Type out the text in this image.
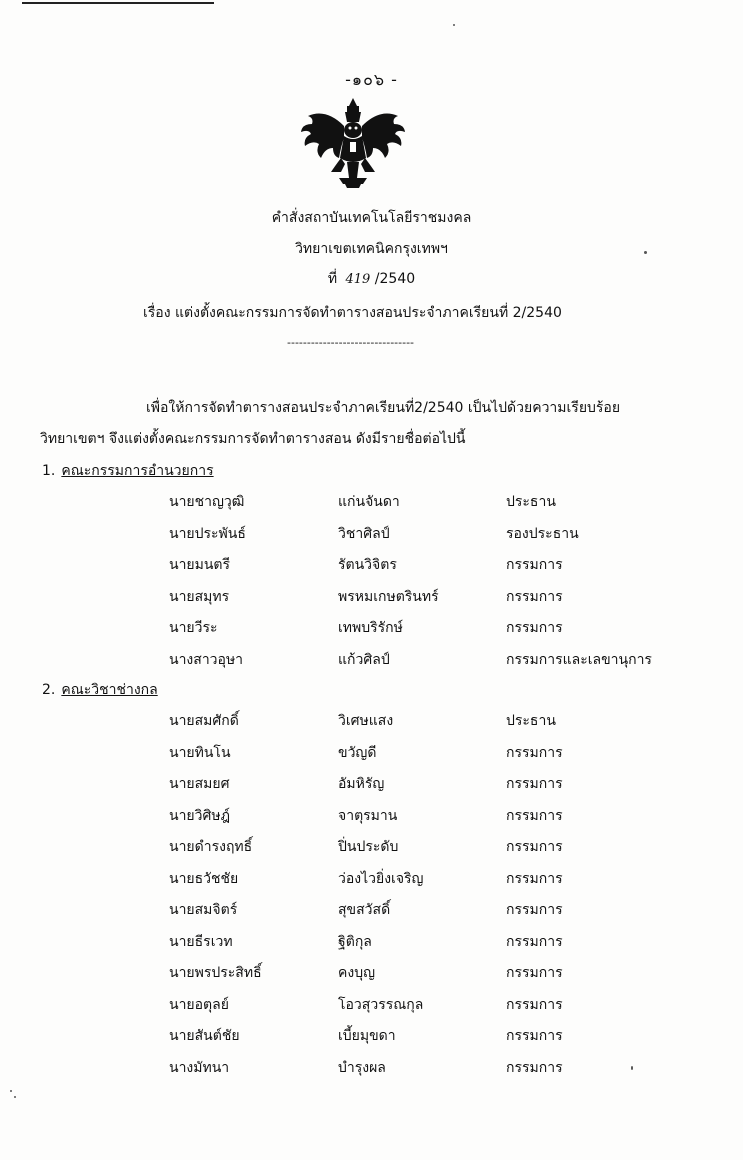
-๑๐๖ -
คำสั่งสถาบันเทคโนโลยีราชมงคล
วิทยาเขตเทคนิคกรุงเทพฯ
ที่ 419 /2540
เรื่อง แต่งตั้งคณะกรรมการจัดทำตารางสอนประจำภาคเรียนที่ 2/2540
--------------------------------
เพื่อให้การจัดทำตารางสอนประจำภาคเรียนที่2/2540 เป็นไปด้วยความเรียบร้อย
วิทยาเขตฯ จึงแต่งตั้งคณะกรรมการจัดทำตารางสอน ดังมีรายชื่อต่อไปนี้
1. คณะกรรมการอำนวยการ
2. คณะวิชาช่างกล
นายชาญวุฒิ	แก่นจันดา	ประธาน
นายประพันธ์	วิชาศิลป์	รองประธาน
นายมนตรี	รัตนวิจิตร	กรรมการ
นายสมุทร	พรหมเกษตรินทร์	กรรมการ
นายวีระ	เทพบริรักษ์	กรรมการ
นางสาวอุษา	แก้วศิลป์	กรรมการและเลขานุการ
นายสมศักดิ์	วิเศษแสง	ประธาน
นายทินโน	ขวัญดี	กรรมการ
นายสมยศ	อัมหิรัญ	กรรมการ
นายวิศิษฎ์	จาตุรมาน	กรรมการ
นายดำรงฤทธิ์	ปิ่นประดับ	กรรมการ
นายธวัชชัย	ว่องไวยิ่งเจริญ	กรรมการ
นายสมจิตร์	สุขสวัสดิ์	กรรมการ
นายธีรเวท	ฐิติกุล	กรรมการ
นายพรประสิทธิ์	คงบุญ	กรรมการ
นายอตุลย์	โอวสุวรรณกุล	กรรมการ
นายสันต์ชัย	เบี้ยมุขดา	กรรมการ
นางมัทนา	บำรุงผล	กรรมการ
